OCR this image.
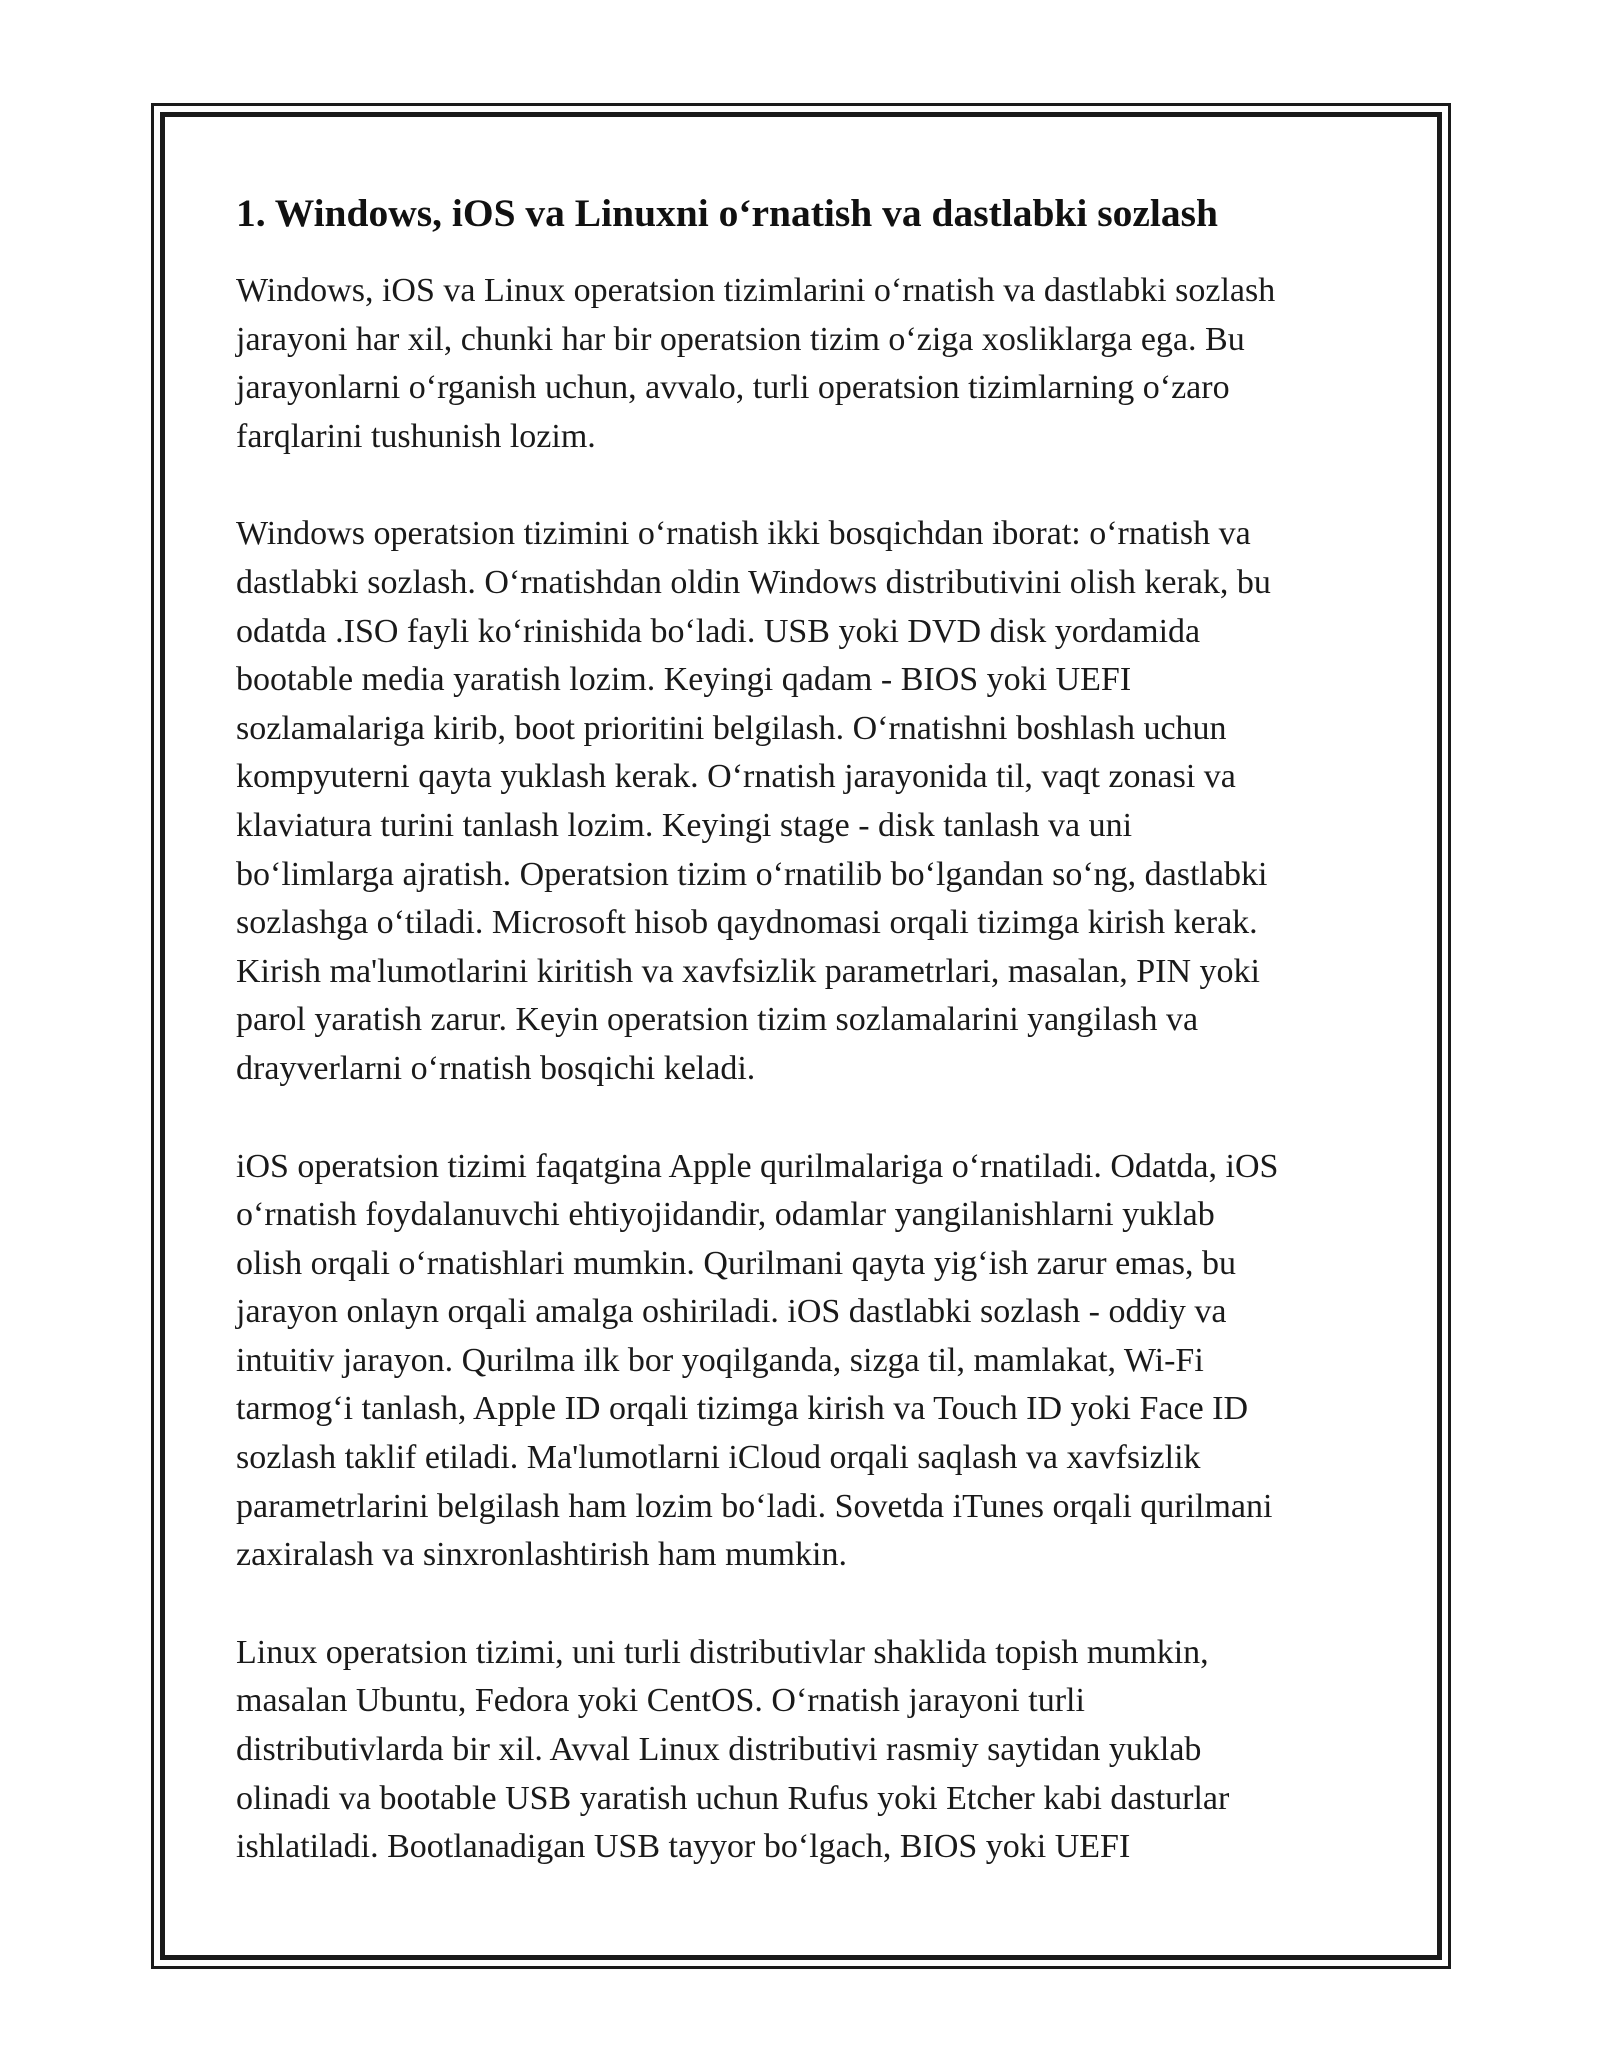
1. Windows, iOS va Linuxni o‘rnatish va dastlabki sozlash

Windows, iOS va Linux operatsion tizimlarini o‘rnatish va dastlabki sozlash
jarayoni har xil, chunki har bir operatsion tizim o‘ziga xosliklarga ega. Bu
jarayonlarni o‘rganish uchun, avvalo, turli operatsion tizimlarning o‘zaro
farqlarini tushunish lozim.

Windows operatsion tizimini o‘rnatish ikki bosqichdan iborat: o‘rnatish va
dastlabki sozlash. O‘rnatishdan oldin Windows distributivini olish kerak, bu
odatda .ISO fayli ko‘rinishida bo‘ladi. USB yoki DVD disk yordamida
bootable media yaratish lozim. Keyingi qadam - BIOS yoki UEFI
sozlamalariga kirib, boot prioritini belgilash. O‘rnatishni boshlash uchun
kompyuterni qayta yuklash kerak. O‘rnatish jarayonida til, vaqt zonasi va
klaviatura turini tanlash lozim. Keyingi stage - disk tanlash va uni
bo‘limlarga ajratish. Operatsion tizim o‘rnatilib bo‘lgandan so‘ng, dastlabki
sozlashga o‘tiladi. Microsoft hisob qaydnomasi orqali tizimga kirish kerak.
Kirish ma'lumotlarini kiritish va xavfsizlik parametrlari, masalan, PIN yoki
parol yaratish zarur. Keyin operatsion tizim sozlamalarini yangilash va
drayverlarni o‘rnatish bosqichi keladi.

iOS operatsion tizimi faqatgina Apple qurilmalariga o‘rnatiladi. Odatda, iOS
o‘rnatish foydalanuvchi ehtiyojidandir, odamlar yangilanishlarni yuklab
olish orqali o‘rnatishlari mumkin. Qurilmani qayta yig‘ish zarur emas, bu
jarayon onlayn orqali amalga oshiriladi. iOS dastlabki sozlash - oddiy va
intuitiv jarayon. Qurilma ilk bor yoqilganda, sizga til, mamlakat, Wi-Fi
tarmog‘i tanlash, Apple ID orqali tizimga kirish va Touch ID yoki Face ID
sozlash taklif etiladi. Ma'lumotlarni iCloud orqali saqlash va xavfsizlik
parametrlarini belgilash ham lozim bo‘ladi. Sovetda iTunes orqali qurilmani
zaxiralash va sinxronlashtirish ham mumkin.

Linux operatsion tizimi, uni turli distributivlar shaklida topish mumkin,
masalan Ubuntu, Fedora yoki CentOS. O‘rnatish jarayoni turli
distributivlarda bir xil. Avval Linux distributivi rasmiy saytidan yuklab
olinadi va bootable USB yaratish uchun Rufus yoki Etcher kabi dasturlar
ishlatiladi. Bootlanadigan USB tayyor bo‘lgach, BIOS yoki UEFI
